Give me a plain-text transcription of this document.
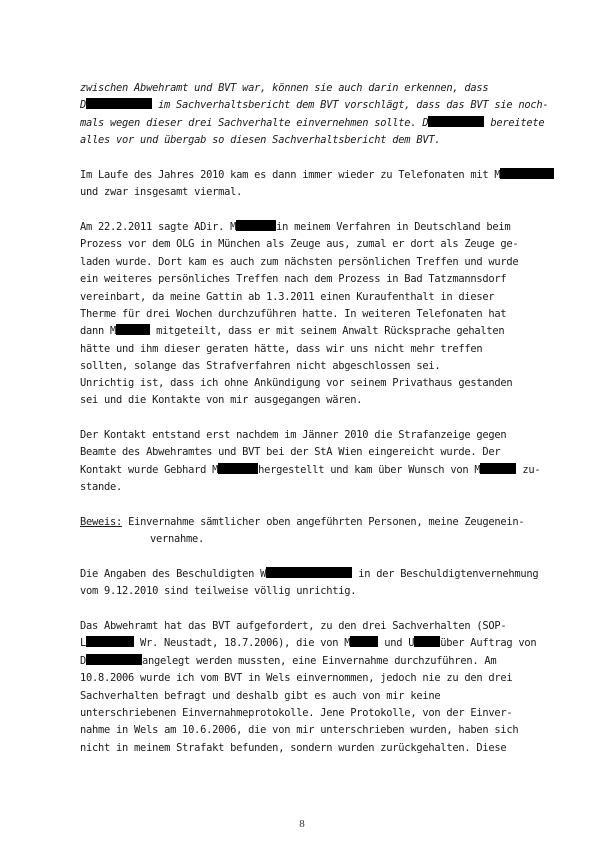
zwischen Abwehramt und BVT war, können sie auch darin erkennen, dass
D	im Sachverhaltsbericht dem BVT vorschlägt, dass das BVT sie noch-
mals wegen dieser drei Sachverhalte einvernehmen sollte. D	bereitete
alles vor und übergab so diesen Sachverhaltsbericht dem BVT.
Im Laufe des Jahres 2010 kam es dann immer wieder zu Telefonaten mit M
und zwar insgesamt viermal.
Am 22.2.2011 sagte ADir. M	in meinem Verfahren in Deutschland beim
Prozess vor dem OLG in München als Zeuge aus, zumal er dort als Zeuge ge-
laden wurde. Dort kam es auch zum nächsten persönlichen Treffen und wurde
ein weiteres persönliches Treffen nach dem Prozess in Bad Tatzmannsdorf
vereinbart, da meine Gattin ab 1.3.2011 einen Kuraufenthalt in dieser
Therme für drei Wochen durchzuführen hatte. In weiteren Telefonaten hat
dann M	mitgeteilt, dass er mit seinem Anwalt Rücksprache gehalten
hätte und ihm dieser geraten hätte, dass wir uns nicht mehr treffen
sollten, solange das Strafverfahren nicht abgeschlossen sei.
Unrichtig ist, dass ich ohne Ankündigung vor seinem Privathaus gestanden
sei und die Kontakte von mir ausgegangen wären.
Der Kontakt entstand erst nachdem im Jänner 2010 die Strafanzeige gegen
Beamte des Abwehramtes und BVT bei der StA Wien eingereicht wurde. Der
Kontakt wurde Gebhard M	hergestellt und kam über Wunsch von M	zu-
stande.
Beweis: Einvernahme sämtlicher oben angeführten Personen, meine Zeugenein-
vernahme.
Die Angaben des Beschuldigten W	in der Beschuldigtenvernehmung
vom 9.12.2010 sind teilweise völlig unrichtig.
Das Abwehramt hat das BVT aufgefordert, zu den drei Sachverhalten (SOP-
L	Wr. Neustadt, 18.7.2006), die von M	und U	über Auftrag von
D	angelegt werden mussten, eine Einvernahme durchzuführen. Am
10.8.2006 wurde ich vom BVT in Wels einvernommen, jedoch nie zu den drei
Sachverhalten befragt und deshalb gibt es auch von mir keine
unterschriebenen Einvernahmeprotokolle. Jene Protokolle, von der Einver-
nahme in Wels am 10.6.2006, die von mir unterschrieben wurden, haben sich
nicht in meinem Strafakt befunden, sondern wurden zurückgehalten. Diese
8
